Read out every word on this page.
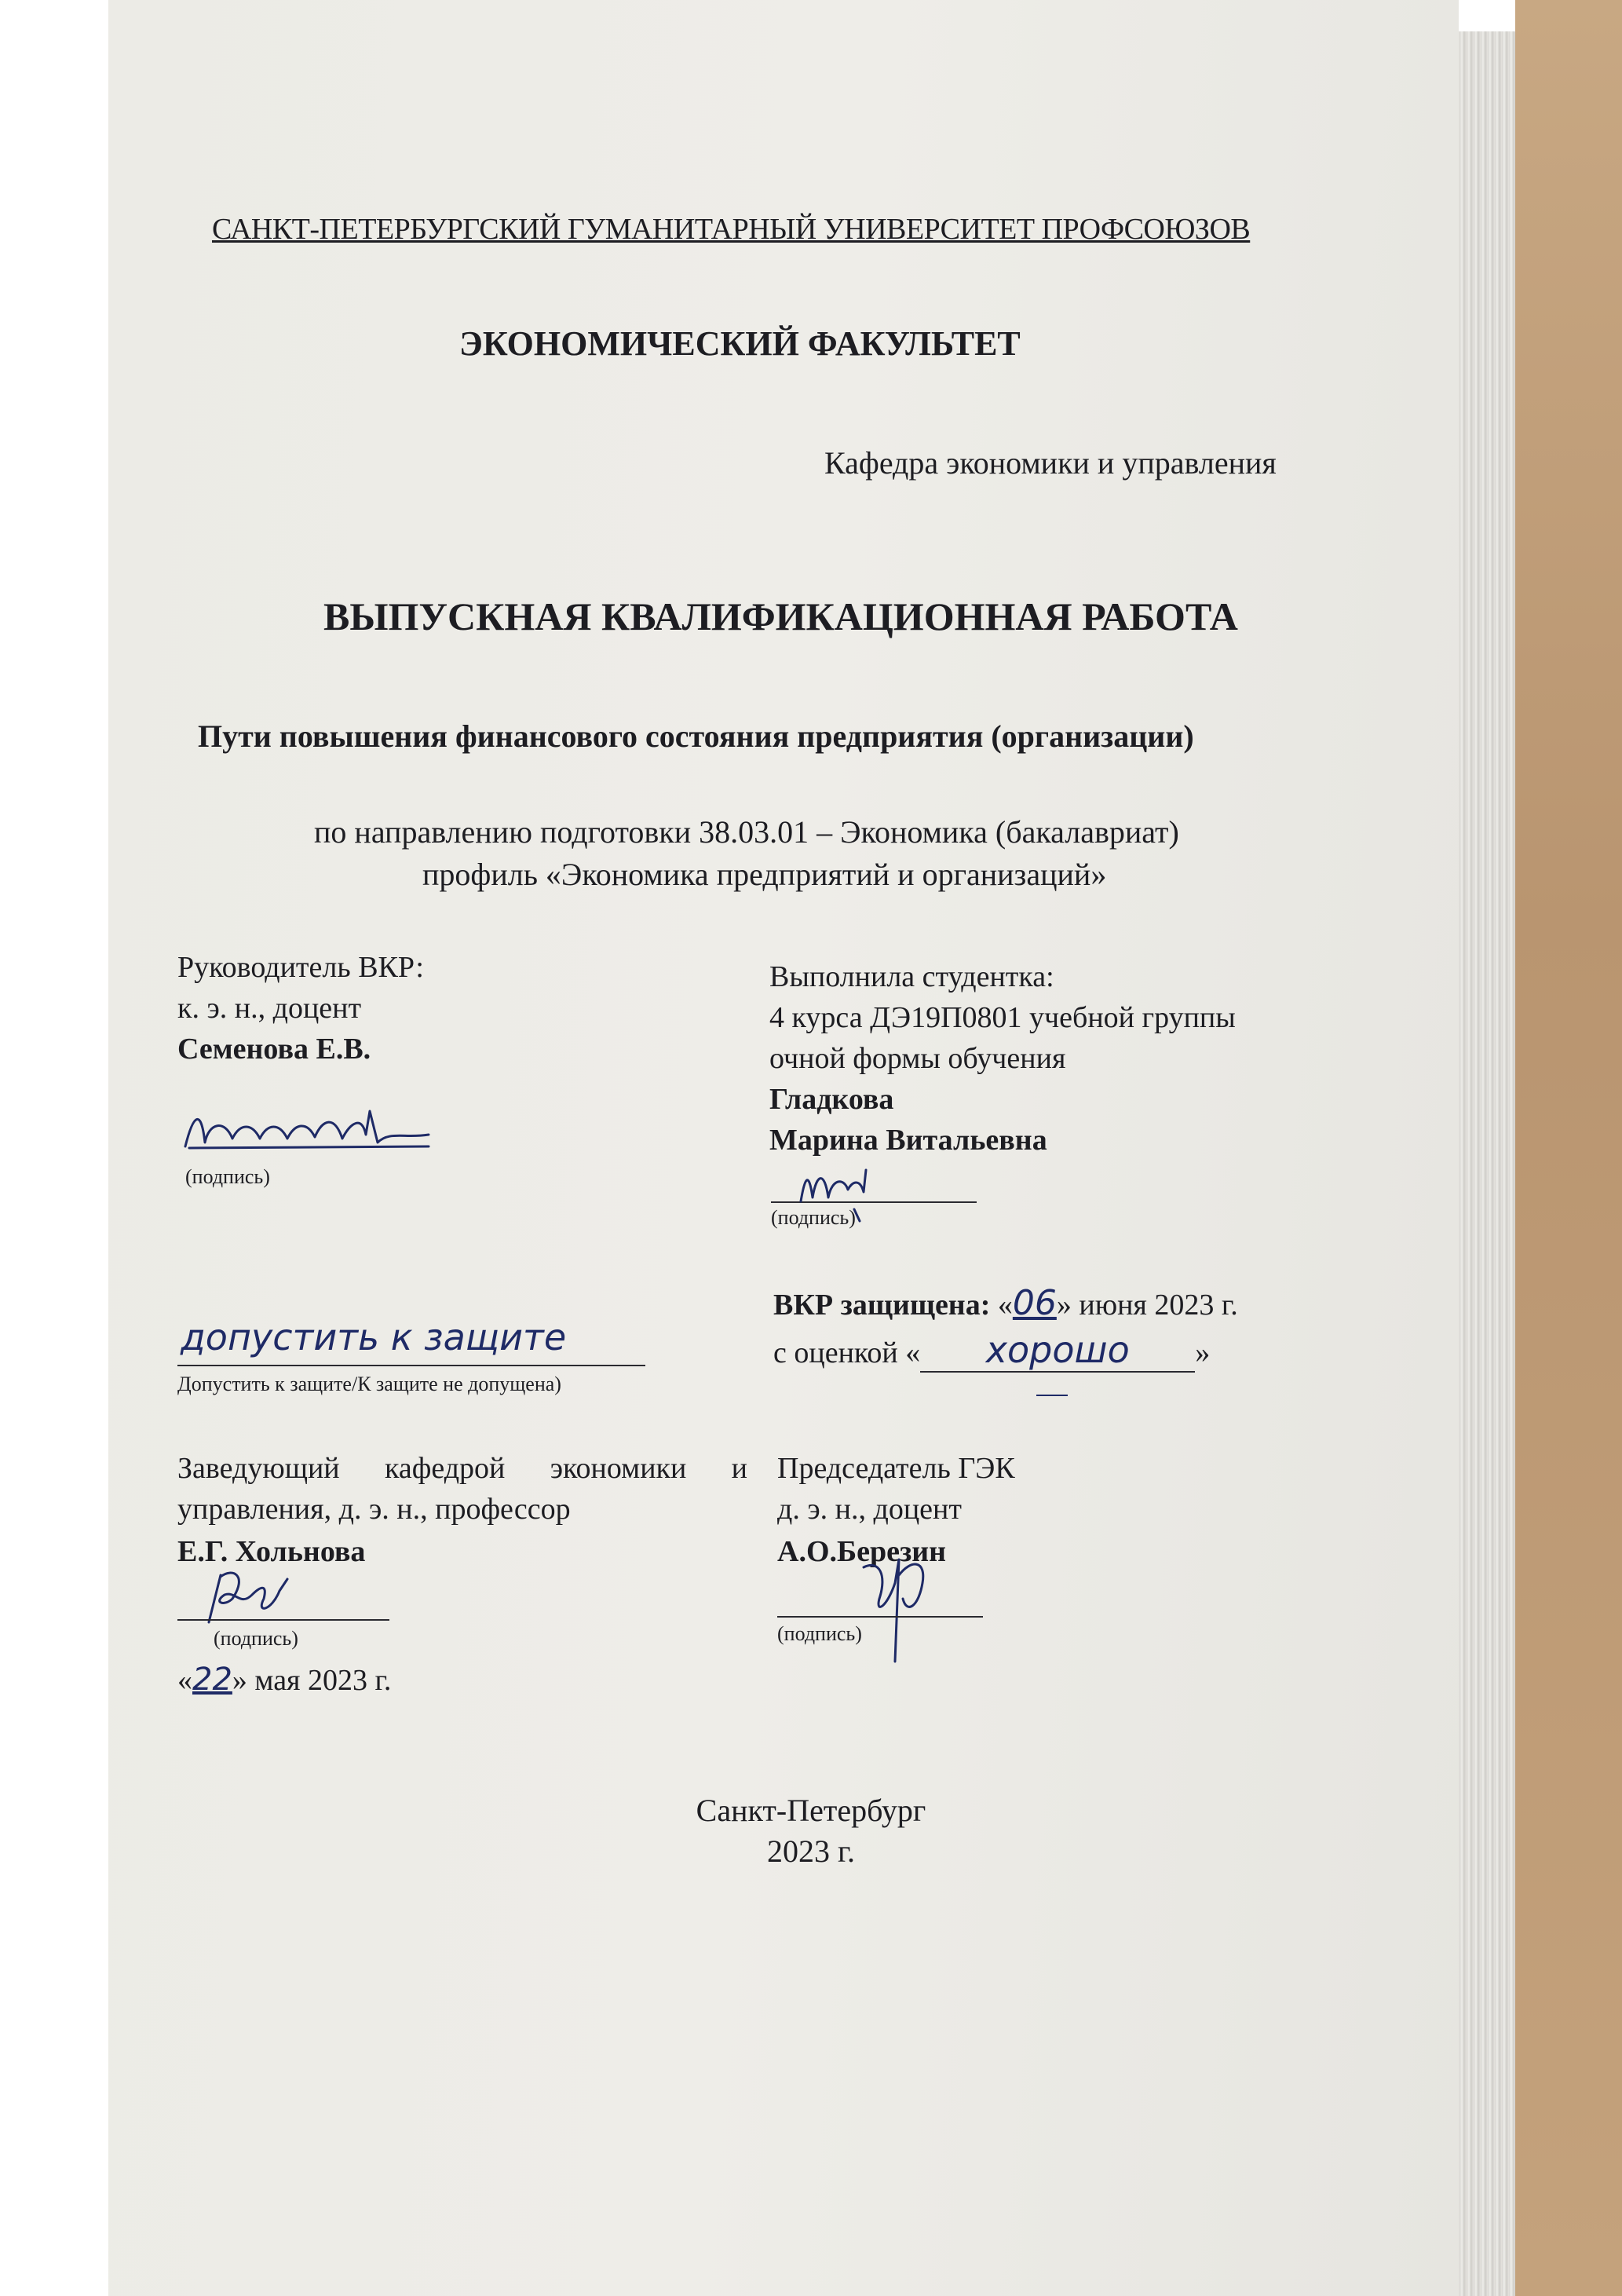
САНКТ-ПЕТЕРБУРГСКИЙ ГУМАНИТАРНЫЙ УНИВЕРСИТЕТ ПРОФСОЮЗОВ
ЭКОНОМИЧЕСКИЙ ФАКУЛЬТЕТ
Кафедра экономики и управления
ВЫПУСКНАЯ КВАЛИФИКАЦИОННАЯ РАБОТА
Пути повышения финансового состояния предприятия (организации)
по направлению подготовки 38.03.01 – Экономика (бакалавриат)
профиль «Экономика предприятий и организаций»
Руководитель ВКР:
к. э. н., доцент
Семенова Е.В.
(подпись)
Выполнила студентка:
4 курса ДЭ19П0801 учебной группы
очной формы обучения
Гладкова
Марина Витальевна
(подпись)
ВКР защищена: «06» июня 2023 г.
с оценкой « хорошо »
допустить к защите
Допустить к защите/К защите не допущена)
Заведующий кафедрой экономики и
управления, д. э. н., профессор
Е.Г. Хольнова
(подпись)
«22» мая 2023 г.
Председатель ГЭК
д. э. н., доцент
А.О.Березин
(подпись)
Санкт-Петербург
2023 г.
